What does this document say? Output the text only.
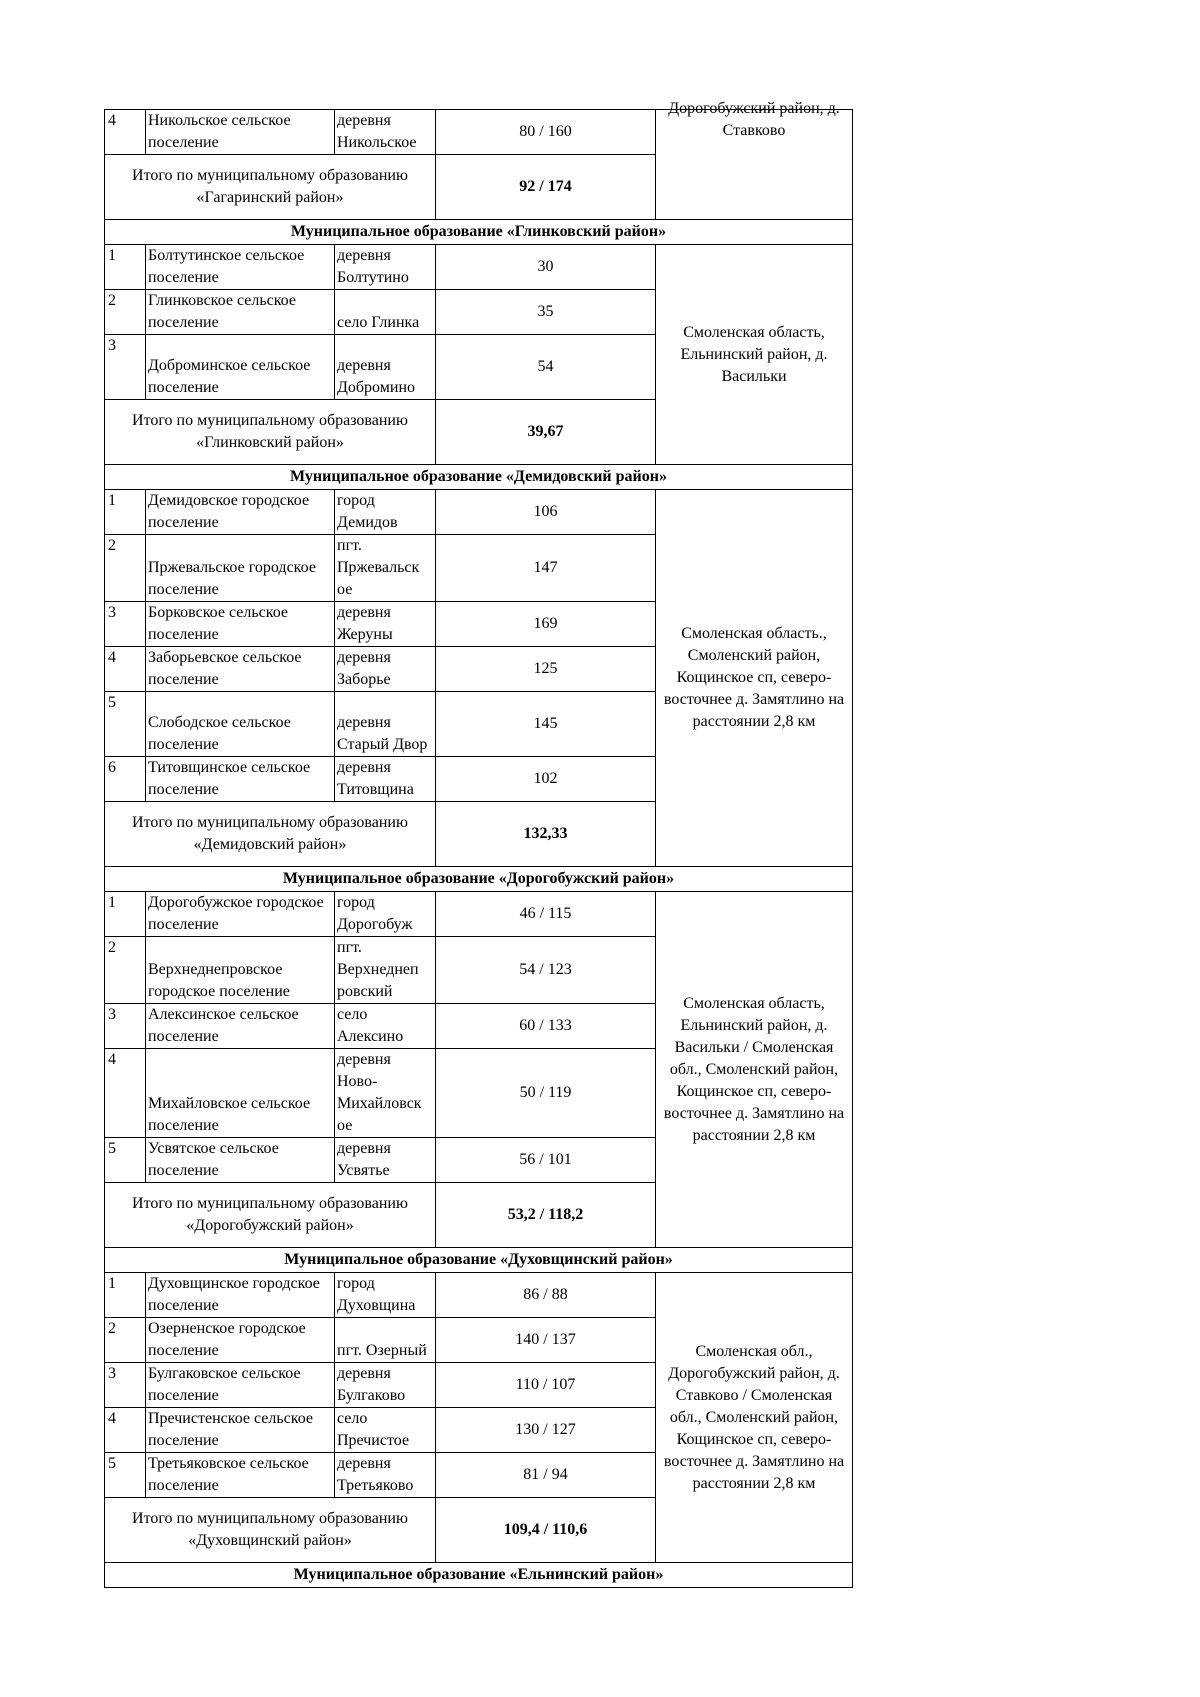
4	Никольское сельское поселение	деревня Никольское	80 / 160	Дорогобужский район, д.
Ставково
Итого по муниципальному образованию «Гагаринский район»			92 / 174	
Муниципальное образование «Глинковский район»				
1	Болтутинское сельское поселение	деревня Болтутино	30	Смоленская область, Ельнинский район, д. Васильки
2	Глинковское сельское поселение	село Глинка	35	
3	Доброминское сельское поселение	деревня Добромино	54	
Итого по муниципальному образованию «Глинковский район»			39,67	
Муниципальное образование «Демидовский район»				
1	Демидовское городское поселение	город Демидов	106	Смоленская область., Смоленский район, Кощинское сп, северо-восточнее д. Замятлино на расстоянии 2,8 км
2	Пржевальское городское поселение	пгт. Пржевальск ое	147	
3	Борковское сельское поселение	деревня Жеруны	169	
4	Заборьевское сельское поселение	деревня Заборье	125	
5	Слободское сельское поселение	деревня Старый Двор	145	
6	Титовщинское сельское поселение	деревня Титовщина	102	
Итого по муниципальному образованию «Демидовский район»			132,33	
Муниципальное образование «Дорогобужский район»				
1	Дорогобужское городское поселение	город Дорогобуж	46 / 115	Смоленская область, Ельнинский район, д. Васильки / Смоленская обл., Смоленский район, Кощинское сп, северо-восточнее д. Замятлино на расстоянии 2,8 км
2	Верхнеднепровское городское поселение	пгт. Верхнеднеп ровский	54 / 123	
3	Алексинское сельское поселение	село Алексино	60 / 133	
4	Михайловское сельское поселение	деревня Ново-Михайловск ое	50 / 119	
5	Усвятское сельское поселение	деревня Усвятье	56 / 101	
Итого по муниципальному образованию «Дорогобужский район»			53,2 / 118,2	
Муниципальное образование «Духовщинский район»				
1	Духовщинское городское поселение	город Духовщина	86 / 88	Смоленская обл., Дорогобужский район, д. Ставково / Смоленская обл., Смоленский район, Кощинское сп, северо-восточнее д. Замятлино на расстоянии 2,8 км
2	Озерненское городское поселение	пгт. Озерный	140 / 137	
3	Булгаковское сельское поселение	деревня Булгаково	110 / 107	
4	Пречистенское сельское поселение	село Пречистое	130 / 127	
5	Третьяковское сельское поселение	деревня Третьяково	81 / 94	
Итого по муниципальному образованию «Духовщинский район»			109,4 / 110,6	
Муниципальное образование «Ельнинский район»				
